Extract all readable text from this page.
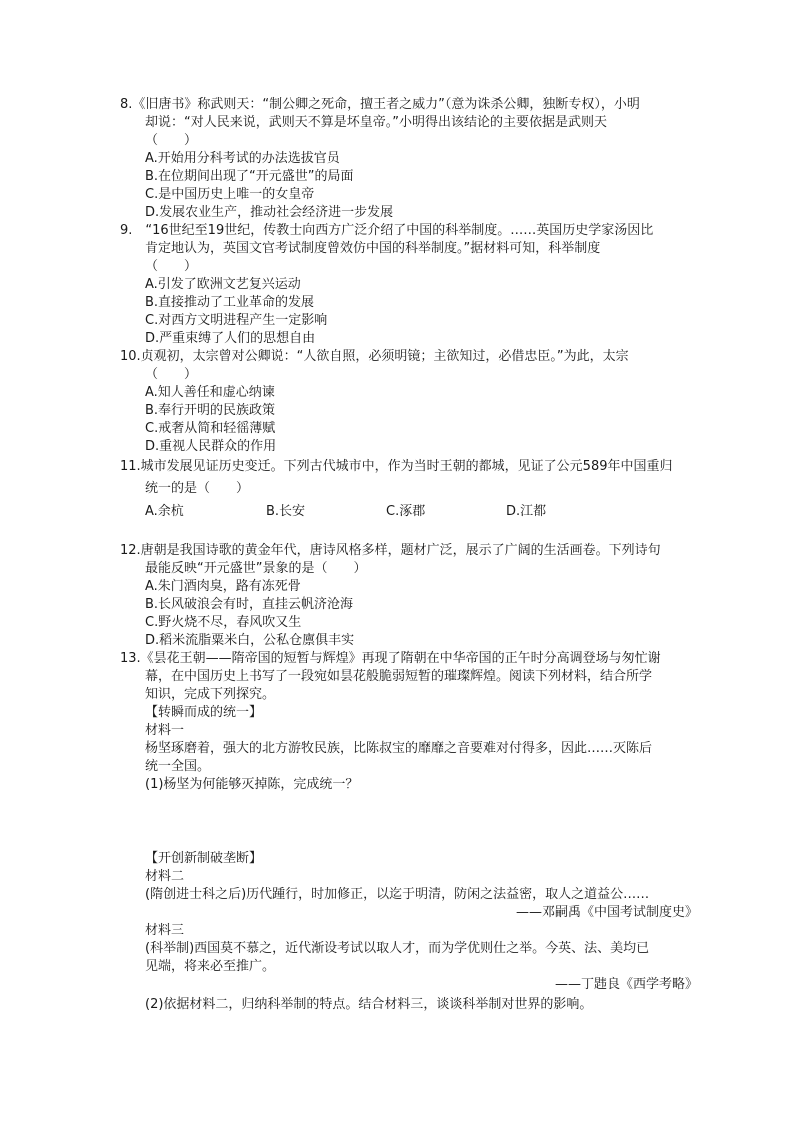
8.《旧唐书》称武则天：“制公卿之死命，擅王者之威力”（意为诛杀公卿，独断专权），小明
却说：“对人民来说，武则天不算是坏皇帝。”小明得出该结论的主要依据是武则天
（　　）
A.开始用分科考试的办法选拔官员
B.在位期间出现了“开元盛世”的局面
C.是中国历史上唯一的女皇帝
D.发展农业生产，推动社会经济进一步发展
9.　“16世纪至19世纪，传教士向西方广泛介绍了中国的科举制度。……英国历史学家汤因比
肯定地认为，英国文官考试制度曾效仿中国的科举制度。”据材料可知，科举制度
（　　）
A.引发了欧洲文艺复兴运动
B.直接推动了工业革命的发展
C.对西方文明进程产生一定影响
D.严重束缚了人们的思想自由
10.贞观初，太宗曾对公卿说：“人欲自照，必须明镜；主欲知过，必借忠臣。”为此，太宗
（　　）
A.知人善任和虚心纳谏
B.奉行开明的民族政策
C.戒奢从简和轻徭薄赋
D.重视人民群众的作用
11.城市发展见证历史变迁。下列古代城市中，作为当时王朝的都城，见证了公元589年中国重归
统一的是（　　）
A.余杭	B.长安	C.涿郡	D.江都
12.唐朝是我国诗歌的黄金年代，唐诗风格多样，题材广泛，展示了广阔的生活画卷。下列诗句
最能反映“开元盛世”景象的是（　　）
A.朱门酒肉臭，路有冻死骨
B.长风破浪会有时，直挂云帆济沧海
C.野火烧不尽，春风吹又生
D.稻米流脂粟米白，公私仓廪俱丰实
13.《昙花王朝——隋帝国的短暂与辉煌》再现了隋朝在中华帝国的正午时分高调登场与匆忙谢
幕，在中国历史上书写了一段宛如昙花般脆弱短暂的璀璨辉煌。阅读下列材料，结合所学
知识，完成下列探究。
【转瞬而成的统一】
材料一
杨坚琢磨着，强大的北方游牧民族，比陈叔宝的靡靡之音要难对付得多，因此……灭陈后
统一全国。
(1)杨坚为何能够灭掉陈，完成统一？
【开创新制破垄断】
材料二
(隋创进士科之后)历代踵行，时加修正，以迄于明清，防闲之法益密，取人之道益公……
——邓嗣禹《中国考试制度史》
材料三
(科举制)西国莫不慕之，近代渐设考试以取人才，而为学优则仕之举。今英、法、美均已
见端，将来必至推广。
——丁韪良《西学考略》
(2)依据材料二，归纳科举制的特点。结合材料三，谈谈科举制对世界的影响。
